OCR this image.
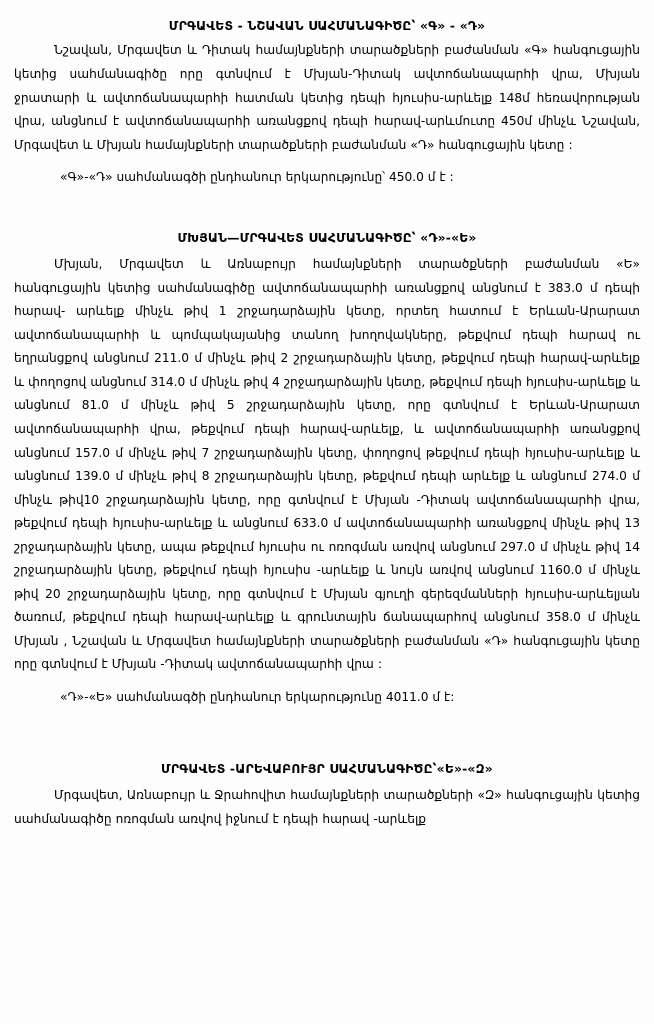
ՄՐԳԱՎԵՏ - ՆՇԱՎԱՆ ՍԱՀՄԱՆԱԳԻԾԸ՝ «Գ» - «Դ»
Նշավան, Մրգավետ և Դիտակ համայնքների տարածքների բաժանման «Գ» հանգուցային կետից սահմանագիծը որը գտնվում է Մխյան-Դիտակ ավտոճանապարհի վրա, Մխյան ջրատարի և ավտոճանապարհի հատման կետից դեպի հյուսիս-արևելք 148մ հեռավորության վրա, անցնում է ավտոճանապարհի առանցքով դեպի հարավ-արևմուտը 450մ մինչև Նշավան, Մրգավետ և Մխյան համայնքների տարածքների բաժանման «Դ» հանգուցային կետը :
«Գ»-«Դ» սահմանագծի ընդհանուր երկարությունը՝ 450.0 մ է :
ՄԽՅԱՆ—ՄՐԳԱՎԵՏ ՍԱՀՄԱՆԱԳԻԾԸ՝ «Դ»-«Ե»
Մխյան, Մրգավետ և Առնաբույր համայնքների տարածքների բաժանման «Ե» հանգուցային կետից սահմանագիծը ավտոճանապարհի առանցքով անցնում է 383.0 մ դեպի հարավ- արևելք մինչև թիվ 1 շրջադարձային կետը, որտեղ հատում է Երևան-Արարատ ավտոճանապարհի և պոմպակայանից տանող խողովակները, թեքվում դեպի հարավ ու եղրանցքով անցնում 211.0 մ մինչև թիվ 2 շրջադարձային կետը, թեքվում դեպի հարավ-արևելք և փողոցով անցնում 314.0 մ մինչև թիվ 4 շրջադարձային կետը, թեքվում դեպի հյուսիս-արևելք և անցնում 81.0 մ մինչև թիվ 5 շրջադարձային կետը, որը գտնվում է Երևան-Արարատ ավտոճանապարհի վրա, թեքվում դեպի հարավ-արևելք, և ավտոճանապարհի առանցքով անցնում 157.0 մ մինչև թիվ 7 շրջադարձային կետը, փողոցով թեքվում դեպի հյուսիս-արևելք և անցնում 139.0 մ մինչև թիվ 8 շրջադարձային կետը, թեքվում դեպի արևելք և անցնում 274.0 մ մինչև թիվ10 շրջադարձային կետը, որը գտնվում է Մխյան -Դիտակ ավտոճանապարհի վրա, թեքվում դեպի հյուսիս-արևելք և անցնում 633.0 մ ավտոճանապարհի առանցքով մինչև թիվ 13 շրջադարձային կետը, ապա թեքվում հյուսիս ու ոռոգման առվով անցնում 297.0 մ մինչև թիվ 14 շրջադարձային կետը, թեքվում դեպի հյուսիս -արևելք և նույն առվով անցնում 1160.0 մ մինչև թիվ 20 շրջադարձային կետը, որը գտնվում է Մխյան գյուղի գերեզմանների հյուսիս-արևելյան ծառում, թեքվում դեպի հարավ-արևելք և գրունտային ճանապարհով անցնում 358.0 մ մինչև Մխյան , Նշավան և Մրգավետ համայնքների տարածքների բաժանման «Դ» հանգուցային կետը որը գտնվում է Մխյան -Դիտակ ավտոճանապարհի վրա :
«Դ»-«Ե» սահմանագծի ընդհանուր երկարությունը 4011.0 մ է:
ՄՐԳԱՎԵՏ -ԱՐԵՎԱԲՈՒՅՐ ՍԱՀՄԱՆԱԳԻԾԸ՝«Ե»-«Զ»
Մրգավետ, Առնաբույր և Ջրահովիտ համայնքների տարածքների «Զ» հանգուցային կետից սահմանագիծը ոռոգման առվով իջնում է դեպի հարավ -արևելք
